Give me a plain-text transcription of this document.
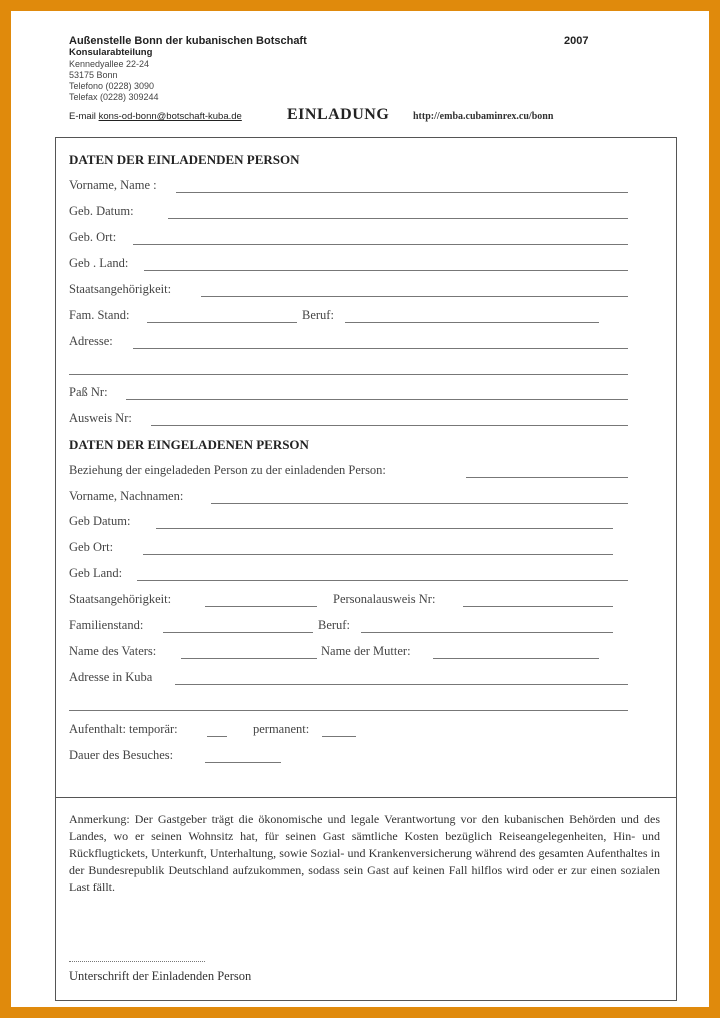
Außenstelle Bonn der kubanischen Botschaft	2007
Konsularabteilung
Kennedyallee 22-24
53175 Bonn
Telefono (0228) 3090
Telefax (0228) 309244
E-mail kons-od-bonn@botschaft-kuba.de	EINLADUNG http://emba.cubaminrex.cu/bonn
DATEN DER EINLADENDEN PERSON
Vorname, Name :
Geb. Datum:
Geb. Ort:
Geb . Land:
Staatsangehörigkeit:
Fam. Stand:	Beruf:
Adresse:
Paß Nr:
Ausweis Nr:
DATEN DER EINGELADENEN PERSON
Beziehung der eingeladeden Person zu der einladenden Person:
Vorname, Nachnamen:
Geb Datum:
Geb Ort:
Geb Land:
Staatsangehörigkeit:	Personalausweis Nr:
Familienstand:	Beruf:
Name des Vaters:	Name der Mutter:
Adresse in Kuba
Aufenthalt: temporär:	permanent:
Dauer des Besuches:
Anmerkung: Der Gastgeber trägt die ökonomische und legale Verantwortung vor den kubanischen Behörden und des Landes, wo er seinen Wohnsitz hat, für seinen Gast sämtliche Kosten bezüglich Reiseangelegenheiten, Hin- und Rückflugtickets, Unterkunft, Unterhaltung, sowie Sozial- und Krankenversicherung während des gesamten Aufenthaltes in der Bundesrepublik Deutschland aufzukommen, sodass sein Gast auf keinen Fall hilflos wird oder er zur einen sozialen Last fällt.
Unterschrift der Einladenden Person
